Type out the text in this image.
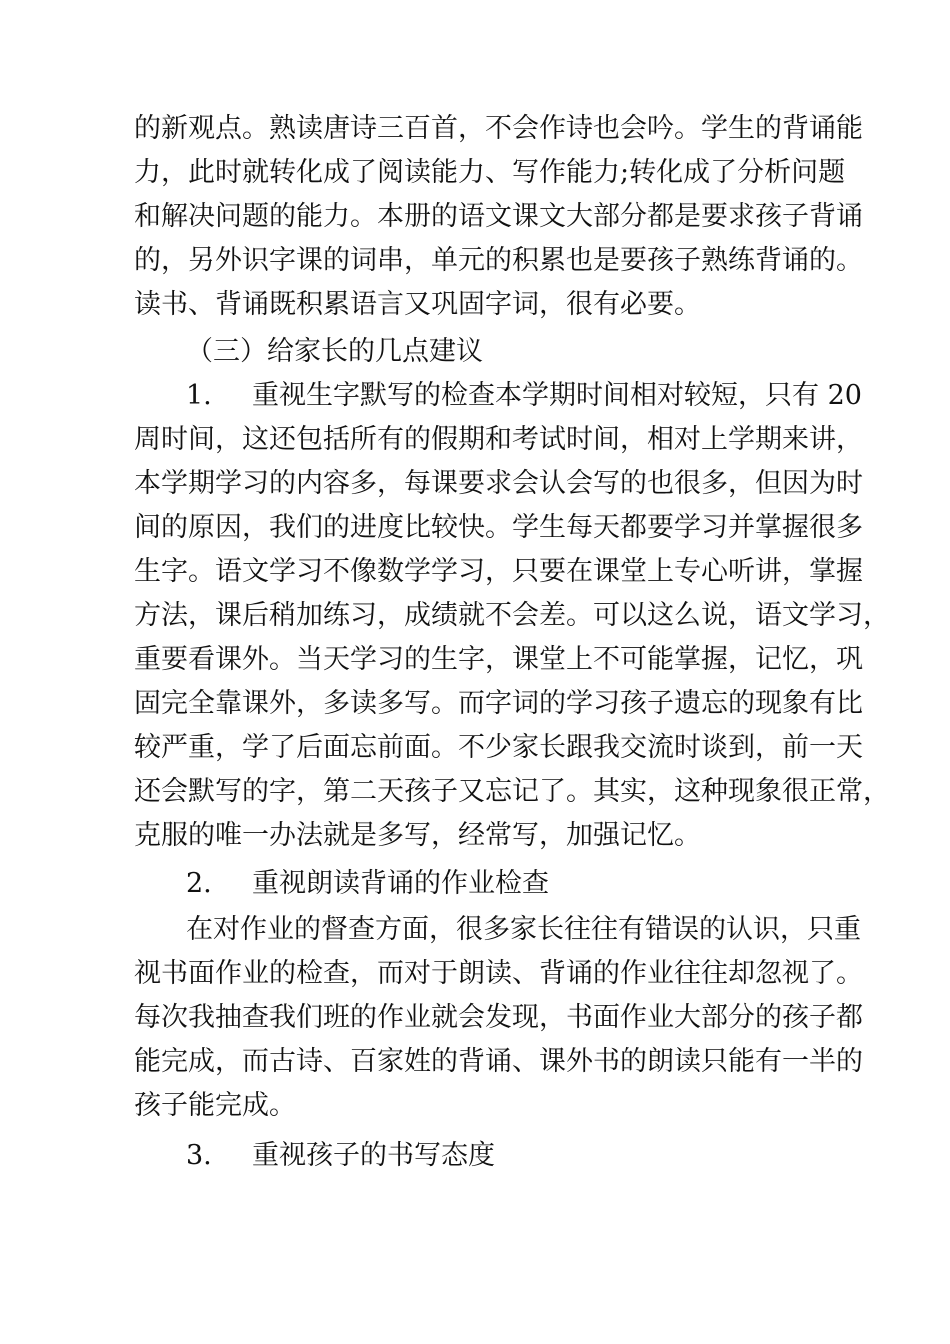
的新观点。熟读唐诗三百首，不会作诗也会吟。学生的背诵能
力，此时就转化成了阅读能力、写作能力;转化成了分析问题
和解决问题的能力。本册的语文课文大部分都是要求孩子背诵
的，另外识字课的词串，单元的积累也是要孩子熟练背诵的。
读书、背诵既积累语言又巩固字词，很有必要。
（三）给家长的几点建议
1. 重视生字默写的检查本学期时间相对较短，只有 20
周时间，这还包括所有的假期和考试时间，相对上学期来讲，
本学期学习的内容多，每课要求会认会写的也很多，但因为时
间的原因，我们的进度比较快。学生每天都要学习并掌握很多
生字。语文学习不像数学学习，只要在课堂上专心听讲，掌握
方法，课后稍加练习，成绩就不会差。可以这么说，语文学习，
重要看课外。当天学习的生字，课堂上不可能掌握，记忆，巩
固完全靠课外，多读多写。而字词的学习孩子遗忘的现象有比
较严重，学了后面忘前面。不少家长跟我交流时谈到，前一天
还会默写的字，第二天孩子又忘记了。其实，这种现象很正常，
克服的唯一办法就是多写，经常写，加强记忆。
2. 重视朗读背诵的作业检查
在对作业的督查方面，很多家长往往有错误的认识，只重
视书面作业的检查，而对于朗读、背诵的作业往往却忽视了。
每次我抽查我们班的作业就会发现，书面作业大部分的孩子都
能完成，而古诗、百家姓的背诵、课外书的朗读只能有一半的
孩子能完成。
3. 重视孩子的书写态度
